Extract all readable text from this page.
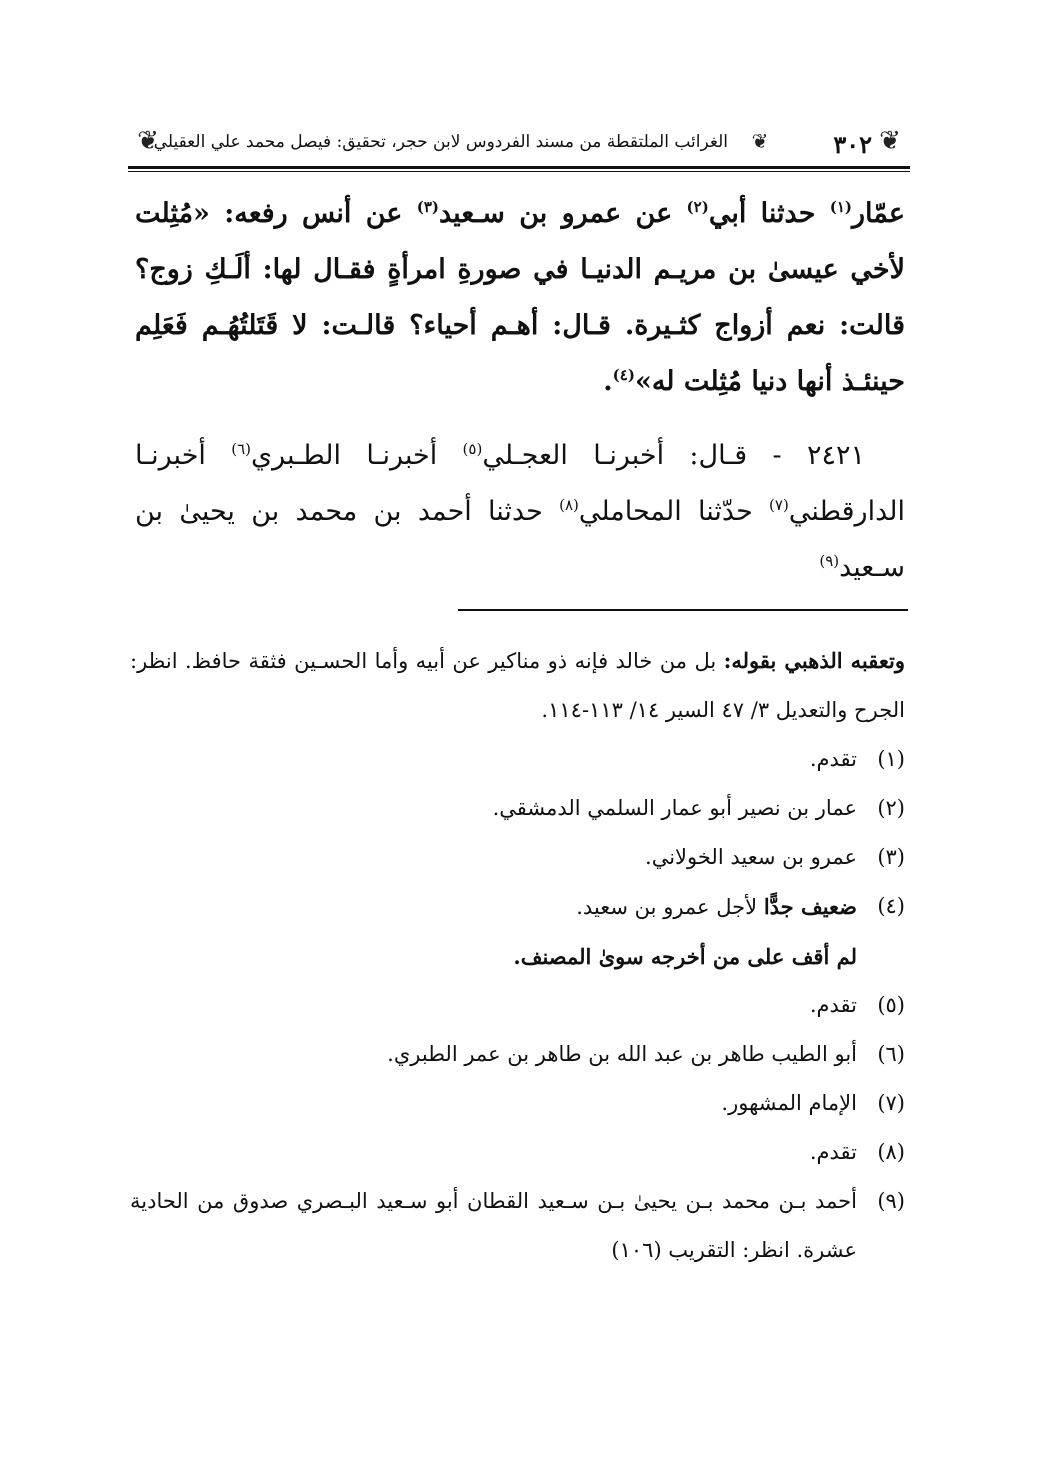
❦
٣٠٢
❦
الغرائب الملتقطة من مسند الفردوس لابن حجر، تحقيق: فيصل محمد علي العقيلي
❦

عمّار$^{(١)}$ حدثنا أبي$^{(٢)}$ عن عمرو بن سـعيد$^{(٣)}$ عن أنس رفعه: «مُثِلت لأخي عيسىٰ بن مريـم الدنيـا في صورةِ امرأةٍ فقـال لها: ألَـكِ زوج؟ قالت: نعم أزواج كثـيرة. قـال: أهـم أحياء؟ قالـت: لا قَتَلتُهُـم فَعَلِم حينئـذ أنها دنيا مُثِلت له»$^{(٤)}$.

٢٤٢١ - قـال: أخبرنـا العجـلي$^{(٥)}$ أخبرنـا الطـبري$^{(٦)}$ أخبرنـا الدارقطني$^{(٧)}$ حدّثنا المحاملي$^{(٨)}$ حدثنا أحمد بن محمد بن يحيىٰ بن سـعيد$^{(٩)}$

وتعقبه الذهبي بقوله: بل من خالد فإنه ذو مناكير عن أبيه وأما الحسـين فثقة حافظ. انظر: الجرح والتعديل ٣/ ٤٧ السير ١٤/ ١١٣-١١٤.

(١)
تقدم.
(٢)
عمار بن نصير أبو عمار السلمي الدمشقي.
(٣)
عمرو بن سعيد الخولاني.
(٤)
ضعيف جدًّا لأجل عمرو بن سعيد.

لم أقف على من أخرجه سوىٰ المصنف.

(٥)
تقدم.
(٦)
أبو الطيب طاهر بن عبد الله بن طاهر بن عمر الطبري.
(٧)
الإمام المشهور.
(٨)
تقدم.
(٩)
أحمد بـن محمد بـن يحيىٰ بـن سـعيد القطان أبو سـعيد البـصري صدوق من الحادية عشرة. انظر: التقريب (١٠٦)
